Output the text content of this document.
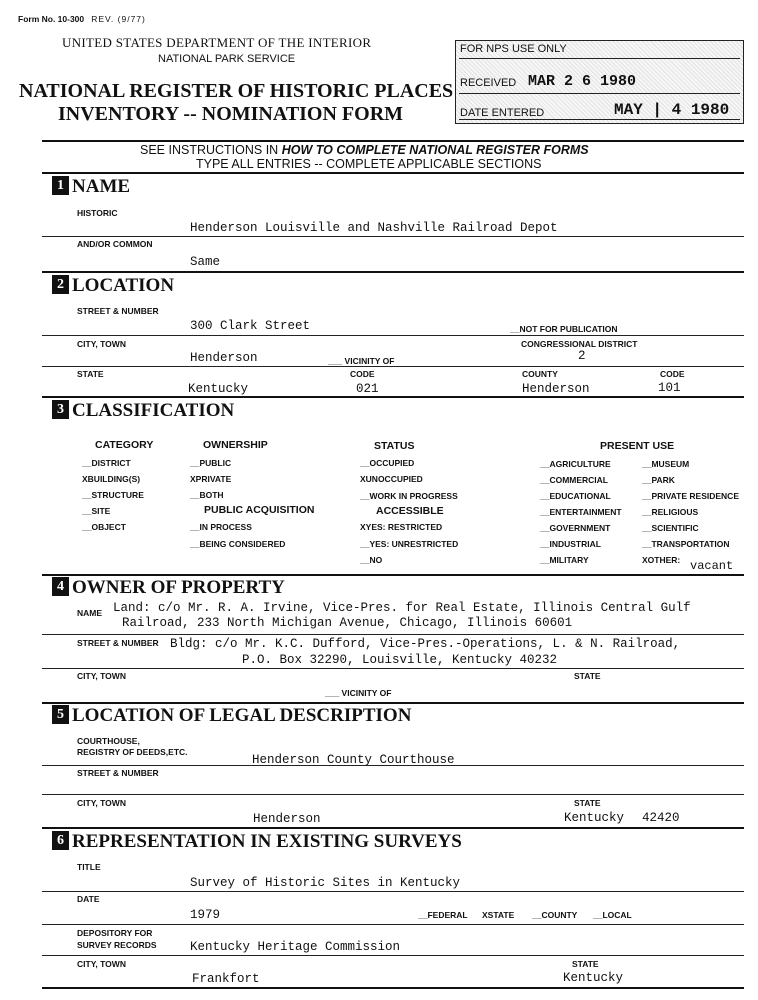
Form No. 10-300 REV. (9/77)
UNITED STATES DEPARTMENT OF THE INTERIOR
NATIONAL PARK SERVICE
NATIONAL REGISTER OF HISTORIC PLACES
INVENTORY -- NOMINATION FORM
FOR NPS USE ONLY
RECEIVED MAR 2 6 1980
DATE ENTERED	MAY | 4 1980
SEE INSTRUCTIONS IN HOW TO COMPLETE NATIONAL REGISTER FORMS
TYPE ALL ENTRIES -- COMPLETE APPLICABLE SECTIONS
1 NAME
HISTORIC
Henderson Louisville and Nashville Railroad Depot
AND/OR COMMON
Same
2 LOCATION
STREET & NUMBER
300 Clark Street	__NOT FOR PUBLICATION
CITY, TOWN	CONGRESSIONAL DISTRICT
Henderson	___ VICINITY OF	2
STATE	CODE	COUNTY	CODE
Kentucky	021	Henderson	101
3 CLASSIFICATION
CATEGORY	OWNERSHIP	STATUS	PRESENT USE
__DISTRICT
XBUILDING(S)
__STRUCTURE
__SITE
__OBJECT
__PUBLIC
XPRIVATE
__BOTH
PUBLIC ACQUISITION
__IN PROCESS
__BEING CONSIDERED
__OCCUPIED
XUNOCCUPIED
__WORK IN PROGRESS
ACCESSIBLE
XYES: RESTRICTED
__YES: UNRESTRICTED
__NO
__AGRICULTURE
__COMMERCIAL
__EDUCATIONAL
__ENTERTAINMENT
__GOVERNMENT
__INDUSTRIAL
__MILITARY
__MUSEUM
__PARK
__PRIVATE RESIDENCE
__RELIGIOUS
__SCIENTIFIC
__TRANSPORTATION
XOTHER: vacant
4 OWNER OF PROPERTY
NAME Land: c/o Mr. R. A. Irvine, Vice-Pres. for Real Estate, Illinois Central Gulf
Railroad, 233 North Michigan Avenue, Chicago, Illinois 60601
STREET & NUMBER Bldg: c/o Mr. K.C. Dufford, Vice-Pres.-Operations, L. & N. Railroad,
P.O. Box 32290, Louisville, Kentucky 40232
CITY, TOWN	STATE
___ VICINITY OF
5 LOCATION OF LEGAL DESCRIPTION
COURTHOUSE,
REGISTRY OF DEEDS,ETC.
Henderson County Courthouse
STREET & NUMBER
CITY, TOWN	STATE
Henderson	Kentucky 42420
6 REPRESENTATION IN EXISTING SURVEYS
TITLE
Survey of Historic Sites in Kentucky
DATE
1979	__FEDERAL XSTATE __COUNTY __LOCAL
DEPOSITORY FOR
SURVEY RECORDS	Kentucky Heritage Commission
CITY, TOWN	STATE
Frankfort	Kentucky
